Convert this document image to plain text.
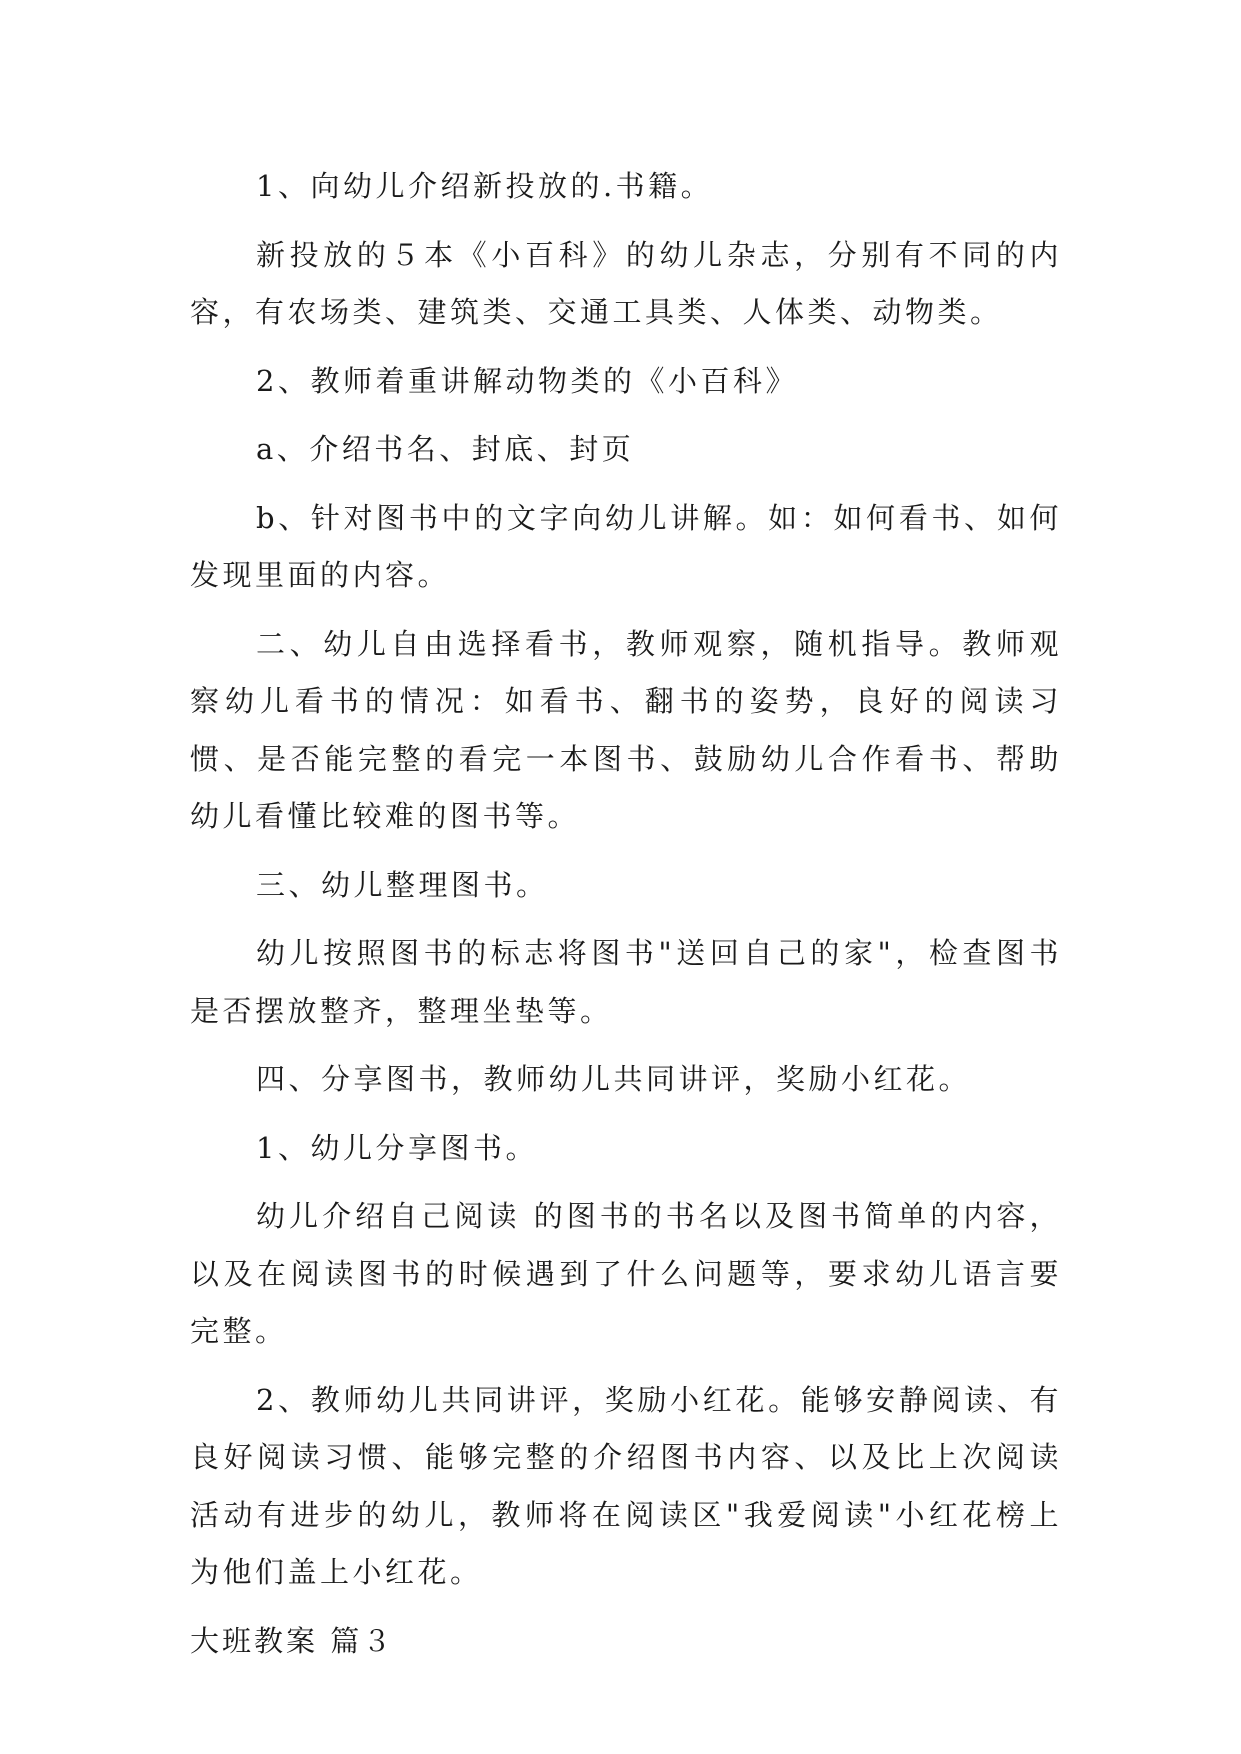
1、向幼儿介绍新投放的.书籍。

新投放的５本《小百科》的幼儿杂志，分别有不同的内容，有农场类、建筑类、交通工具类、人体类、动物类。

2、教师着重讲解动物类的《小百科》

a、介绍书名、封底、封页

b、针对图书中的文字向幼儿讲解。如：如何看书、如何发现里面的内容。

二、幼儿自由选择看书，教师观察，随机指导。教师观察幼儿看书的情况：如看书、翻书的姿势，良好的阅读习惯、是否能完整的看完一本图书、鼓励幼儿合作看书、帮助幼儿看懂比较难的图书等。

三、幼儿整理图书。

幼儿按照图书的标志将图书"送回自己的家"，检查图书是否摆放整齐，整理坐垫等。

四、分享图书，教师幼儿共同讲评，奖励小红花。

1、幼儿分享图书。

幼儿介绍自己阅读 的图书的书名以及图书简单的内容，以及在阅读图书的时候遇到了什么问题等，要求幼儿语言要完整。

2、教师幼儿共同讲评，奖励小红花。能够安静阅读、有良好阅读习惯、能够完整的介绍图书内容、以及比上次阅读活动有进步的幼儿，教师将在阅读区"我爱阅读"小红花榜上为他们盖上小红花。

大班教案 篇３
